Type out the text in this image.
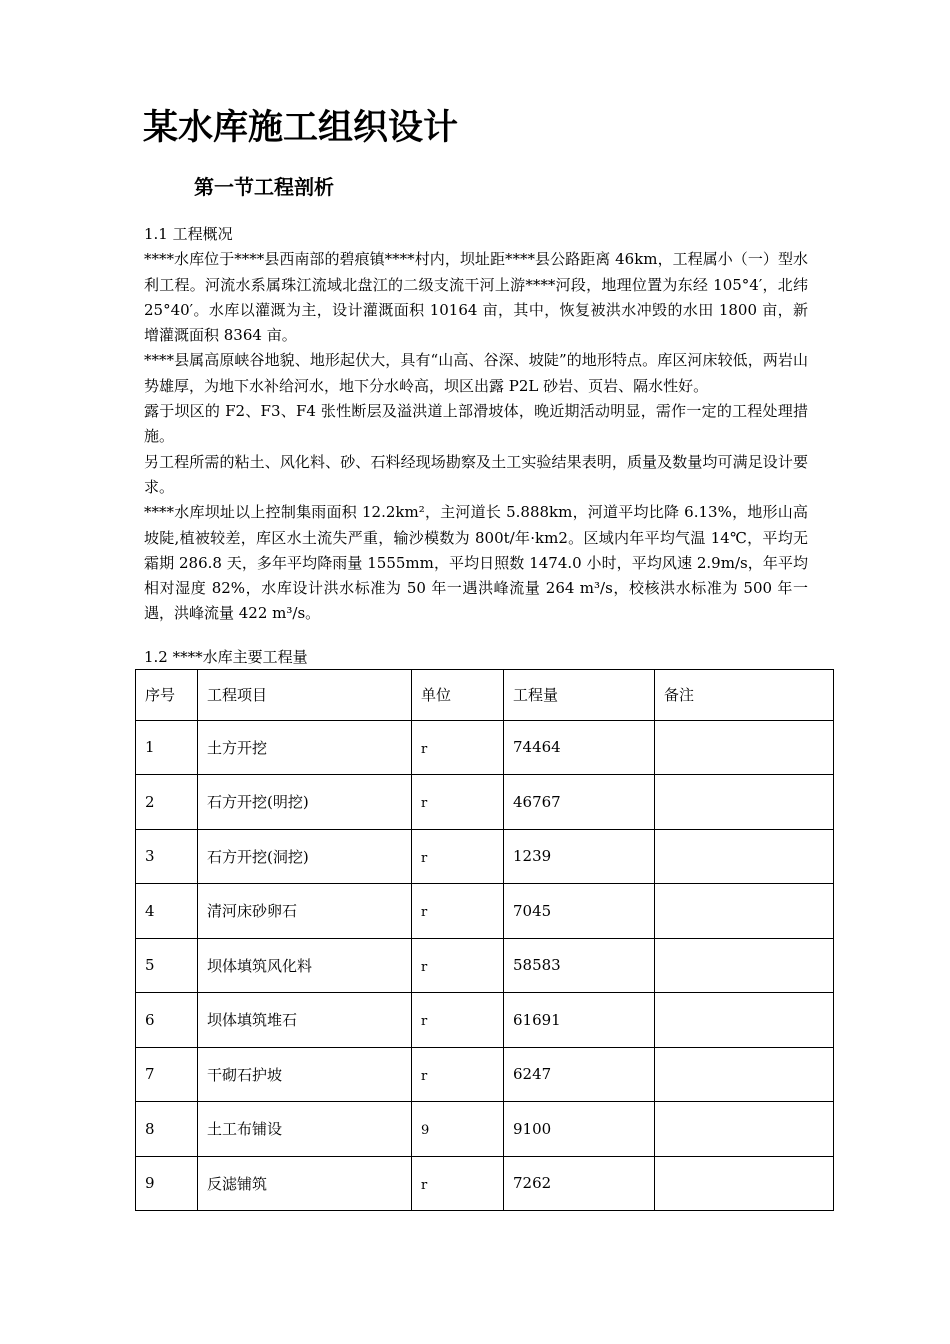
某水库施工组织设计
第一节工程剖析

1.1 工程概况

****水库位于****县西南部的碧痕镇****村内，坝址距****县公路距离 46km，工程属小（一）型水利工程。河流水系属珠江流域北盘江的二级支流干河上游****河段，地理位置为东经 105°4′，北纬 25°40′。水库以灌溉为主，设计灌溉面积 10164 亩，其中，恢复被洪水冲毁的水田 1800 亩，新增灌溉面积 8364 亩。

****县属高原峡谷地貌、地形起伏大，具有“山高、谷深、坡陡”的地形特点。库区河床较低，两岩山势雄厚，为地下水补给河水，地下分水岭高，坝区出露 P2L 砂岩、页岩、隔水性好。

露于坝区的 F2、F3、F4 张性断层及溢洪道上部滑坡体，晚近期活动明显，需作一定的工程处理措施。

另工程所需的粘土、风化料、砂、石料经现场勘察及土工实验结果表明，质量及数量均可满足设计要求。

****水库坝址以上控制集雨面积 12.2km²，主河道长 5.888km，河道平均比降 6.13%，地形山高坡陡,植被较差，库区水土流失严重，输沙模数为 800t/年·km2。区域内年平均气温 14℃，平均无霜期 286.8 天，多年平均降雨量 1555mm，平均日照数 1474.0 小时，平均风速 2.9m/s，年平均相对湿度 82%，水库设计洪水标准为 50 年一遇洪峰流量 264 m³/s，校核洪水标准为 500 年一遇，洪峰流量 422 m³/s。

1.2 ****水库主要工程量
序号	工程项目	单位	工程量	备注
1	土方开挖	r	74464	
2	石方开挖(明挖)	r	46767	
3	石方开挖(洞挖)	r	1239	
4	清河床砂卵石	r	7045	
5	坝体填筑风化料	r	58583	
6	坝体填筑堆石	r	61691	
7	干砌石护坡	r	6247	
8	土工布铺设	9	9100	
9	反滤铺筑	r	7262	
